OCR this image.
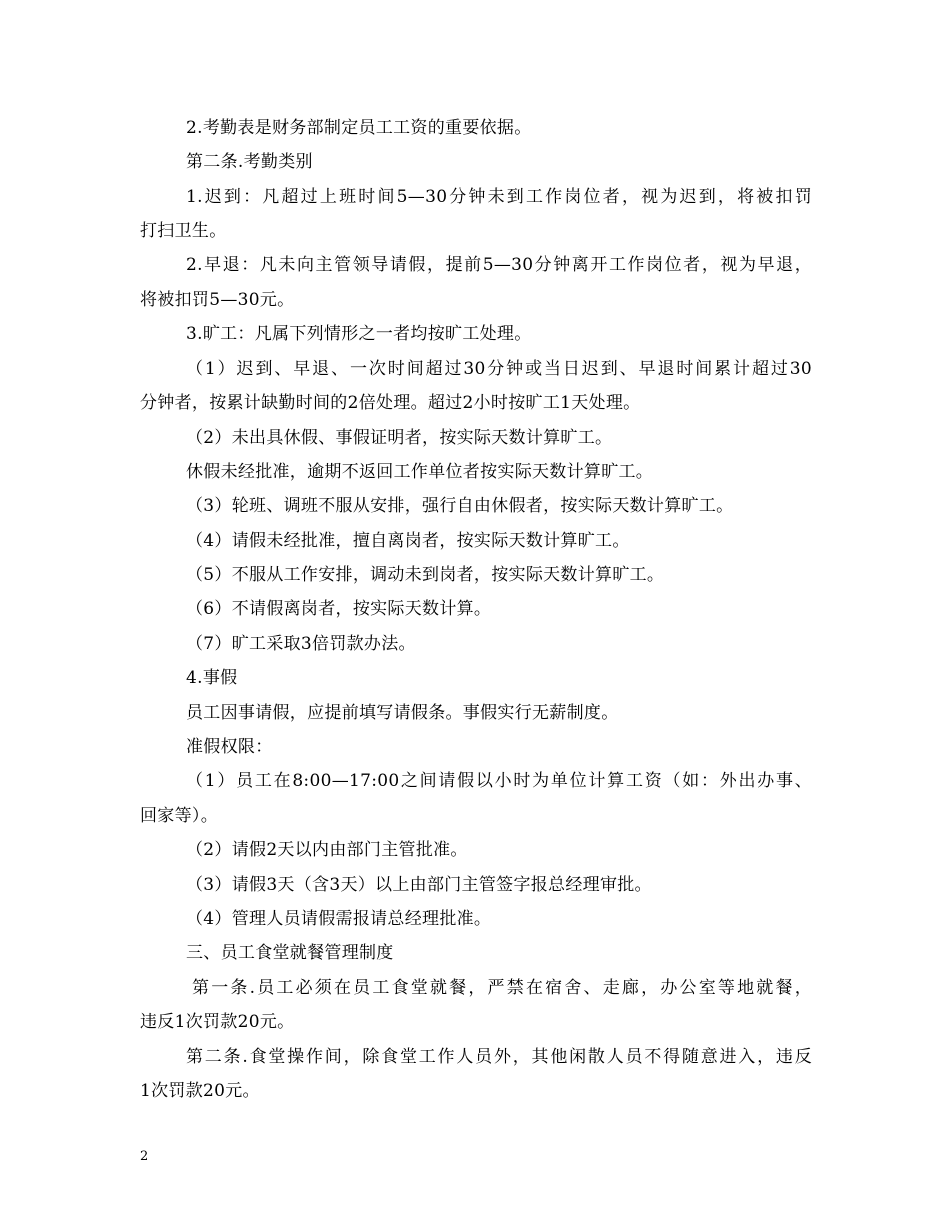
2.考勤表是财务部制定员工工资的重要依据。
第二条.考勤类别
1.迟到：凡超过上班时间5—30分钟未到工作岗位者，视为迟到，将被扣罚
打扫卫生。
2.早退：凡未向主管领导请假，提前5—30分钟离开工作岗位者，视为早退，
将被扣罚5—30元。
3.旷工：凡属下列情形之一者均按旷工处理。
（1）迟到、早退、一次时间超过30分钟或当日迟到、早退时间累计超过30
分钟者，按累计缺勤时间的2倍处理。超过2小时按旷工1天处理。
（2）未出具休假、事假证明者，按实际天数计算旷工。
休假未经批准，逾期不返回工作单位者按实际天数计算旷工。
（3）轮班、调班不服从安排，强行自由休假者，按实际天数计算旷工。
（4）请假未经批准，擅自离岗者，按实际天数计算旷工。
（5）不服从工作安排，调动未到岗者，按实际天数计算旷工。
（6）不请假离岗者，按实际天数计算。
（7）旷工采取3倍罚款办法。
4.事假
员工因事请假，应提前填写请假条。事假实行无薪制度。
准假权限：
（1）员工在8:00—17:00之间请假以小时为单位计算工资（如：外出办事、
回家等）。
（2）请假2天以内由部门主管批准。
（3）请假3天（含3天）以上由部门主管签字报总经理审批。
（4）管理人员请假需报请总经理批准。
三、员工食堂就餐管理制度
第一条.员工必须在员工食堂就餐，严禁在宿舍、走廊，办公室等地就餐，
违反1次罚款20元。
第二条.食堂操作间，除食堂工作人员外，其他闲散人员不得随意进入，违反
1次罚款20元。
2
